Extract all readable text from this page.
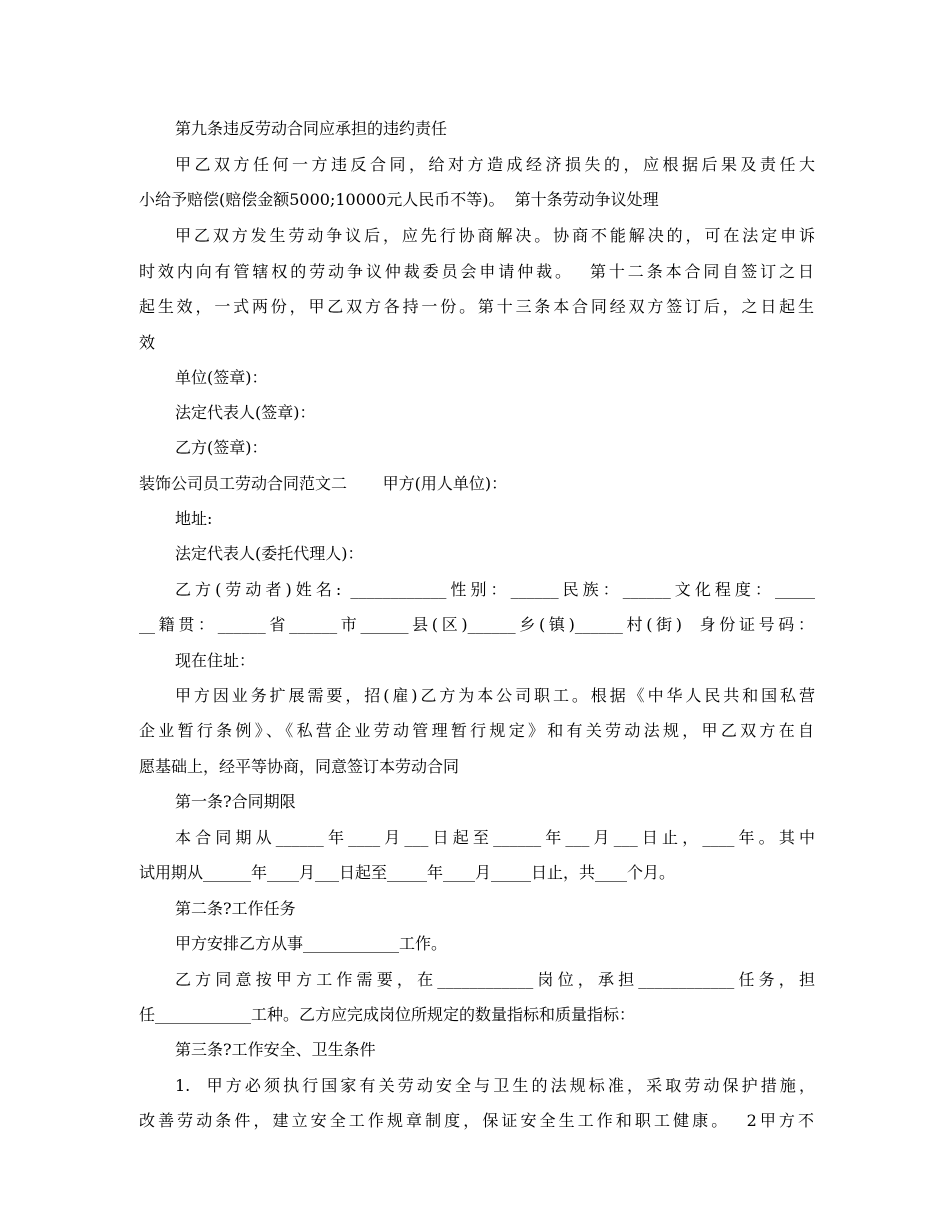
第九条违反劳动合同应承担的违约责任
甲乙双方任何一方违反合同，给对方造成经济损失的，应根据后果及责任大
小给予赔偿(赔偿金额5000;10000元人民币不等)。  第十条劳动争议处理
甲乙双方发生劳动争议后，应先行协商解决。协商不能解决的，可在法定申诉
时效内向有管辖权的劳动争议仲裁委员会申请仲裁。  第十二条本合同自签订之日
起生效，一式两份，甲乙双方各持一份。第十三条本合同经双方签订后，之日起生
效
单位(签章)：
法定代表人(签章)：
乙方(签章)：
装饰公司员工劳动合同范文二       甲方(用人单位)：
地址:
法定代表人(委托代理人)：
乙方(劳动者)姓名: ____________性别：______民族：______文化程度：_____
__籍贯：______省______市______县(区)______乡(镇)______村(街)  身份证号码：
现在住址：
甲方因业务扩展需要，招(雇)乙方为本公司职工。根据《中华人民共和国私营
企业暂行条例》、《私营企业劳动管理暂行规定》和有关劳动法规，甲乙双方在自
愿基础上，经平等协商，同意签订本劳动合同
第一条?合同期限
本合同期从______年____月___日起至______年___月___日止，____年。其中
试用期从______年____月___日起至_____年____月_____日止，共____个月。
第二条?工作任务
甲方安排乙方从事____________工作。
乙方同意按甲方工作需要，在____________岗位，承担____________任务，担
任____________工种。乙方应完成岗位所规定的数量指标和质量指标：
第三条?工作安全、卫生条件
1.  甲方必须执行国家有关劳动安全与卫生的法规标准，采取劳动保护措施，
改善劳动条件，建立安全工作规章制度，保证安全生工作和职工健康。  2甲方不
